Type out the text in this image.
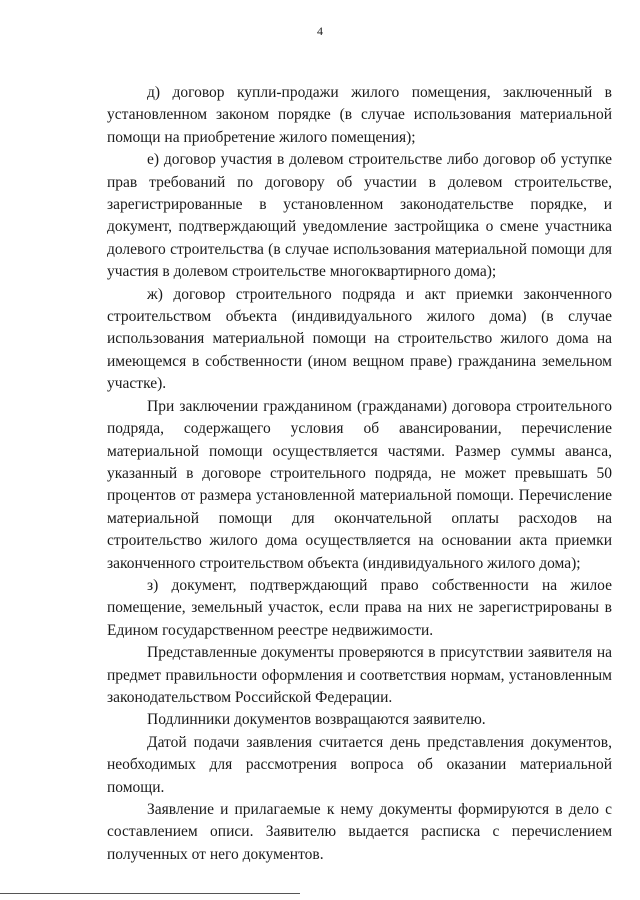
4

д) договор купли-продажи жилого помещения, заключенный в установленном законом порядке (в случае использования материальной помощи на приобретение жилого помещения);

е) договор участия в долевом строительстве либо договор об уступке прав требований по договору об участии в долевом строительстве, зарегистрированные в установленном законодательстве порядке, и документ, подтверждающий уведомление застройщика о смене участника долевого строительства (в случае использования материальной помощи для участия в долевом строительстве многоквартирного дома);

ж) договор строительного подряда и акт приемки законченного строительством объекта (индивидуального жилого дома) (в случае использования материальной помощи на строительство жилого дома на имеющемся в собственности (ином вещном праве) гражданина земельном участке).

При заключении гражданином (гражданами) договора строительного подряда, содержащего условия об авансировании, перечисление материальной помощи осуществляется частями. Размер суммы аванса, указанный в договоре строительного подряда, не может превышать 50 процентов от размера установленной материальной помощи. Перечисление материальной помощи для окончательной оплаты расходов на строительство жилого дома осуществляется на основании акта приемки законченного строительством объекта (индивидуального жилого дома);

з) документ, подтверждающий право собственности на жилое помещение, земельный участок, если права на них не зарегистрированы в Едином государственном реестре недвижимости.

Представленные документы проверяются в присутствии заявителя на предмет правильности оформления и соответствия нормам, установленным законодательством Российской Федерации.

Подлинники документов возвращаются заявителю.

Датой подачи заявления считается день представления документов, необходимых для рассмотрения вопроса об оказании материальной помощи.

Заявление и прилагаемые к нему документы формируются в дело с составлением описи. Заявителю выдается расписка с перечислением полученных от него документов.
